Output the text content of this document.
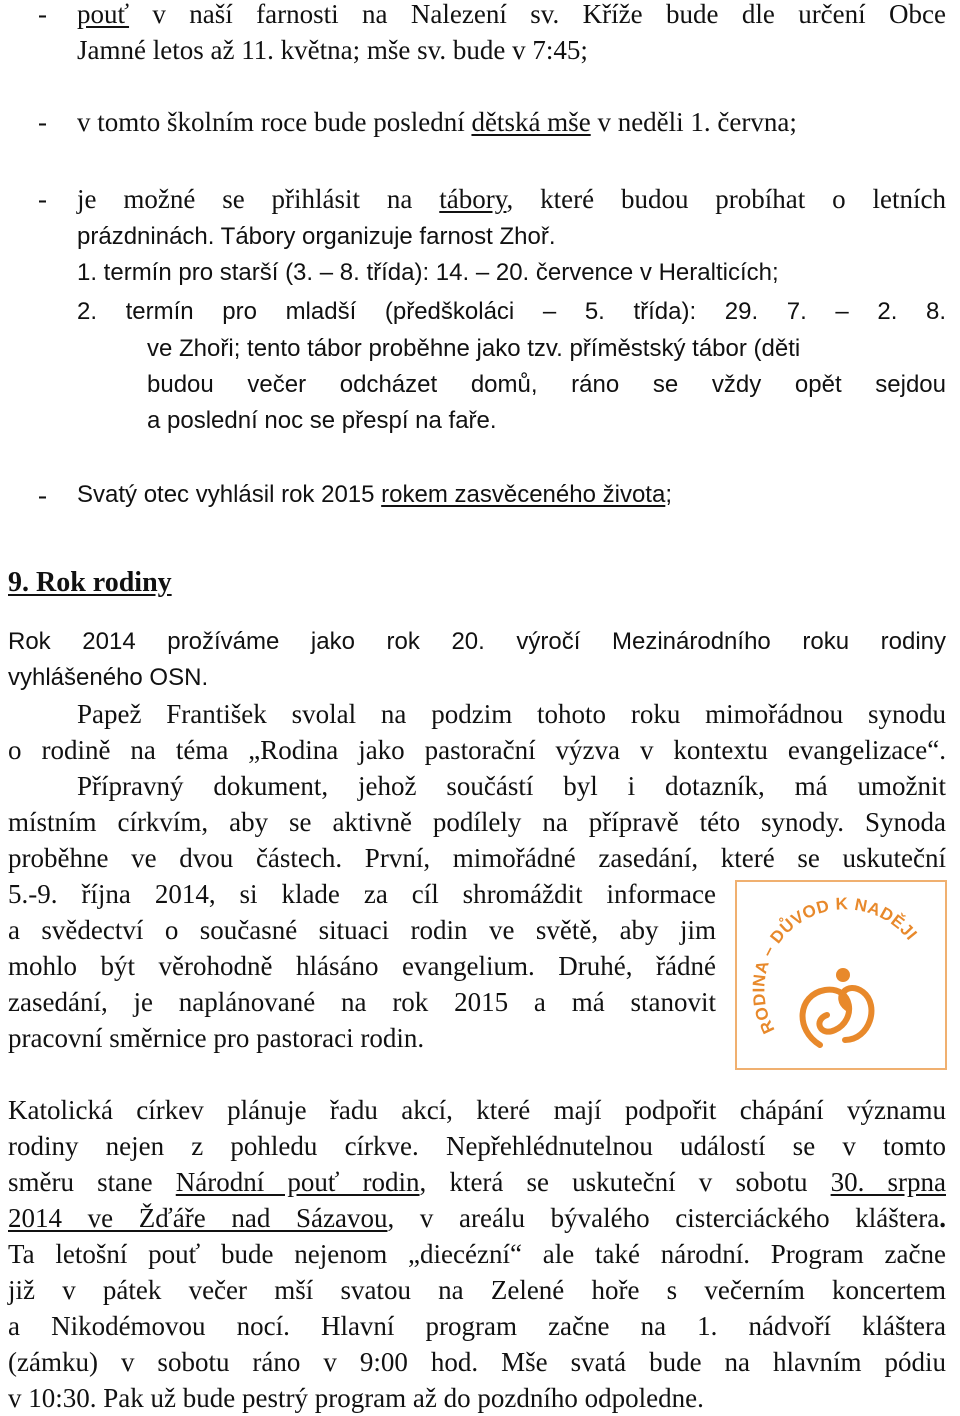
- pouť v naší farnosti na Nalezení sv. Kříže bude dle určení Obce
Jamné letos až 11. května; mše sv. bude v 7:45;
- v tomto školním roce bude poslední dětská mše v neděli 1. června;
- je možné se přihlásit na tábory, které budou probíhat o letních
prázdninách. Tábory organizuje farnost Zhoř.
1. termín pro starší (3. – 8. třída): 14. – 20. července v Heralticích;
2. termín pro mladší (předškoláci – 5. třída): 29. 7. – 2. 8.
ve Zhoři; tento tábor proběhne jako tzv. příměstský tábor (děti
budou večer odcházet domů, ráno se vždy opět sejdou
a poslední noc se přespí na faře.
- Svatý otec vyhlásil rok 2015 rokem zasvěceného života;
9. Rok rodiny
Rok 2014 prožíváme jako rok 20. výročí Mezinárodního roku rodiny
vyhlášeného OSN.
Papež František svolal na podzim tohoto roku mimořádnou synodu
o rodině na téma „Rodina jako pastorační výzva v kontextu evangelizace“.
Přípravný dokument, jehož součástí byl i dotazník, má umožnit
místním církvím, aby se aktivně podílely na přípravě této synody. Synoda
proběhne ve dvou částech. První, mimořádné zasedání, které se uskuteční
5.-9. října 2014, si klade za cíl shromáždit informace
a svědectví o současné situaci rodin ve světě, aby jim
mohlo být věrohodně hlásáno evangelium. Druhé, řádné
zasedání, je naplánované na rok 2015 a má stanovit
pracovní směrnice pro pastoraci rodin.	RODINA – DŮVOD K NADĚJI
Katolická církev plánuje řadu akcí, které mají podpořit chápání významu
rodiny nejen z pohledu církve. Nepřehlédnutelnou událostí se v tomto
směru stane Národní pouť rodin, která se uskuteční v sobotu 30. srpna
2014 ve Žďáře nad Sázavou, v areálu bývalého cisterciáckého kláštera.
Ta letošní pouť bude nejenom „diecézní“ ale také národní. Program začne
již v pátek večer mší svatou na Zelené hoře s večerním koncertem
a Nikodémovou nocí. Hlavní program začne na 1. nádvoří kláštera
(zámku) v sobotu ráno v 9:00 hod. Mše svatá bude na hlavním pódiu
v 10:30. Pak už bude pestrý program až do pozdního odpoledne.
